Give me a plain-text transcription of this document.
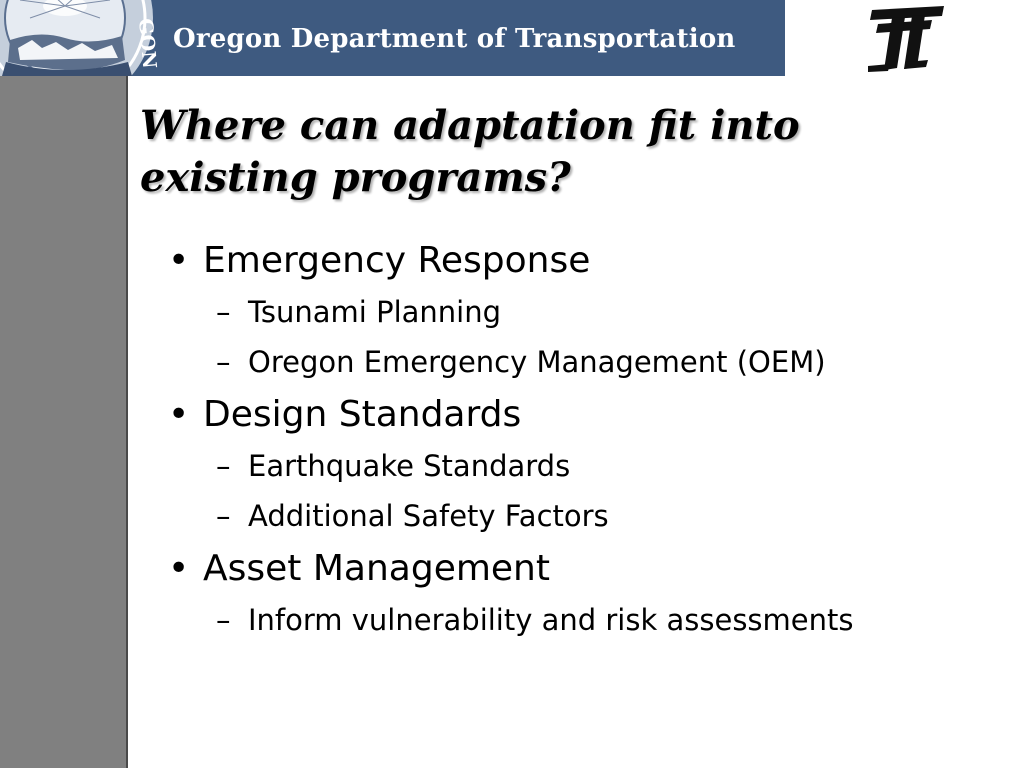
GON Oregon Department of Transportation
Where can adaptation fit into
existing programs?
• Emergency Response
– Tsunami Planning
– Oregon Emergency Management (OEM)
• Design Standards
– Earthquake Standards
– Additional Safety Factors
• Asset Management
– Inform vulnerability and risk assessments
